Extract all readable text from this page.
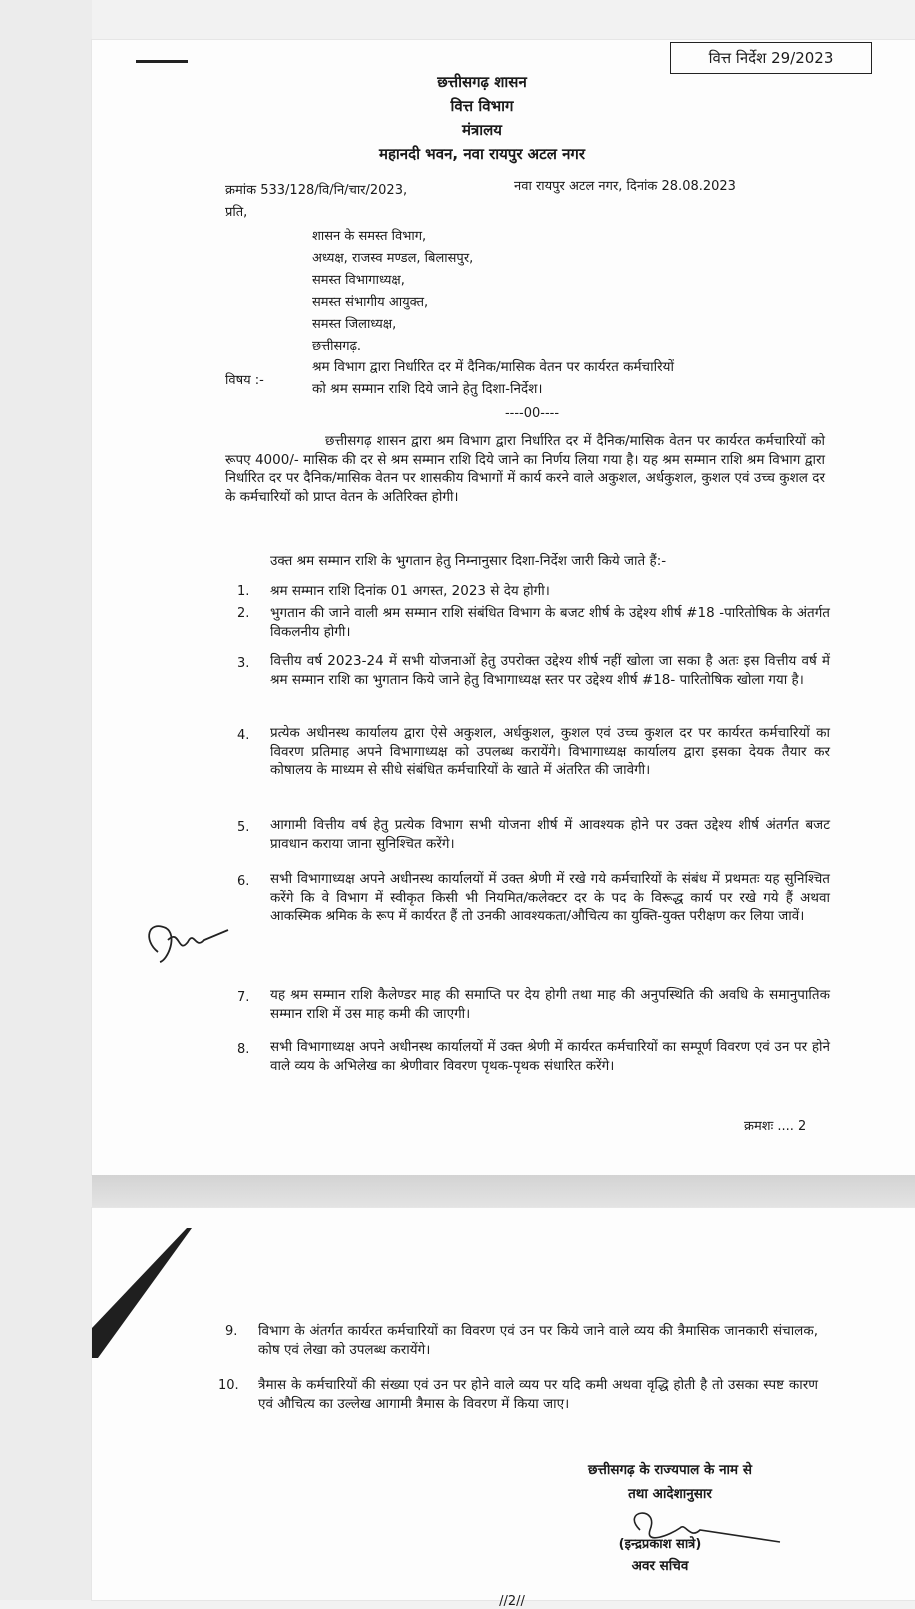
वित्त निर्देश 29/2023
छत्तीसगढ़ शासन
वित्त विभाग
मंत्रालय
महानदी भवन, नवा रायपुर अटल नगर
क्रमांक 533/128/वि/नि/चार/2023,	नवा रायपुर अटल नगर, दिनांक 28.08.2023
प्रति,
शासन के समस्त विभाग,
अध्यक्ष, राजस्व मण्डल, बिलासपुर,
समस्त विभागाध्यक्ष,
समस्त संभागीय आयुक्त,
समस्त जिलाध्यक्ष,
छत्तीसगढ़.
विषय :-
श्रम विभाग द्वारा निर्धारित दर में दैनिक/मासिक वेतन पर कार्यरत कर्मचारियों
को श्रम सम्मान राशि दिये जाने हेतु दिशा-निर्देश।
----00----
छत्तीसगढ़ शासन द्वारा श्रम विभाग द्वारा निर्धारित दर में दैनिक/मासिक वेतन पर कार्यरत कर्मचारियों को रूपए 4000/- मासिक की दर से श्रम सम्मान राशि दिये जाने का निर्णय लिया गया है। यह श्रम सम्मान राशि श्रम विभाग द्वारा निर्धारित दर पर दैनिक/मासिक वेतन पर शासकीय विभागों में कार्य करने वाले अकुशल, अर्धकुशल, कुशल एवं उच्च कुशल दर के कर्मचारियों को प्राप्त वेतन के अतिरिक्त होगी।
उक्त श्रम सम्मान राशि के भुगतान हेतु निम्नानुसार दिशा-निर्देश जारी किये जाते हैं:-
1. श्रम सम्मान राशि दिनांक 01 अगस्त, 2023 से देय होगी।
2. भुगतान की जाने वाली श्रम सम्मान राशि संबंधित विभाग के बजट शीर्ष के उद्देश्य शीर्ष #18 -पारितोषिक के अंतर्गत विकलनीय होगी।
3. वित्तीय वर्ष 2023-24 में सभी योजनाओं हेतु उपरोक्त उद्देश्य शीर्ष नहीं खोला जा सका है अतः इस वित्तीय वर्ष में श्रम सम्मान राशि का भुगतान किये जाने हेतु विभागाध्यक्ष स्तर पर उद्देश्य शीर्ष #18- पारितोषिक खोला गया है।
4. प्रत्येक अधीनस्थ कार्यालय द्वारा ऐसे अकुशल, अर्धकुशल, कुशल एवं उच्च कुशल दर पर कार्यरत कर्मचारियों का विवरण प्रतिमाह अपने विभागाध्यक्ष को उपलब्ध करायेंगे। विभागाध्यक्ष कार्यालय द्वारा इसका देयक तैयार कर कोषालय के माध्यम से सीधे संबंधित कर्मचारियों के खाते में अंतरित की जावेगी।
5. आगामी वित्तीय वर्ष हेतु प्रत्येक विभाग सभी योजना शीर्ष में आवश्यक होने पर उक्त उद्देश्य शीर्ष अंतर्गत बजट प्रावधान कराया जाना सुनिश्चित करेंगे।
6. सभी विभागाध्यक्ष अपने अधीनस्थ कार्यालयों में उक्त श्रेणी में रखे गये कर्मचारियों के संबंध में प्रथमतः यह सुनिश्चित करेंगे कि वे विभाग में स्वीकृत किसी भी नियमित/कलेक्टर दर के पद के विरूद्ध कार्य पर रखे गये हैं अथवा आकस्मिक श्रमिक के रूप में कार्यरत हैं तो उनकी आवश्यकता/औचित्य का युक्ति-युक्त परीक्षण कर लिया जावें।
7. यह श्रम सम्मान राशि कैलेण्डर माह की समाप्ति पर देय होगी तथा माह की अनुपस्थिति की अवधि के समानुपातिक सम्मान राशि में उस माह कमी की जाएगी।
8. सभी विभागाध्यक्ष अपने अधीनस्थ कार्यालयों में उक्त श्रेणी में कार्यरत कर्मचारियों का सम्पूर्ण विवरण एवं उन पर होने वाले व्यय के अभिलेख का श्रेणीवार विवरण पृथक-पृथक संधारित करेंगे।
क्रमशः .... 2
//2//
9. विभाग के अंतर्गत कार्यरत कर्मचारियों का विवरण एवं उन पर किये जाने वाले व्यय की त्रैमासिक जानकारी संचालक, कोष एवं लेखा को उपलब्ध करायेंगे।
10. त्रैमास के कर्मचारियों की संख्या एवं उन पर होने वाले व्यय पर यदि कमी अथवा वृद्धि होती है तो उसका स्पष्ट कारण एवं औचित्य का उल्लेख आगामी त्रैमास के विवरण में किया जाए।
छत्तीसगढ़ के राज्यपाल के नाम से
तथा आदेशानुसार
(इन्द्रप्रकाश सात्रे)
अवर सचिव
